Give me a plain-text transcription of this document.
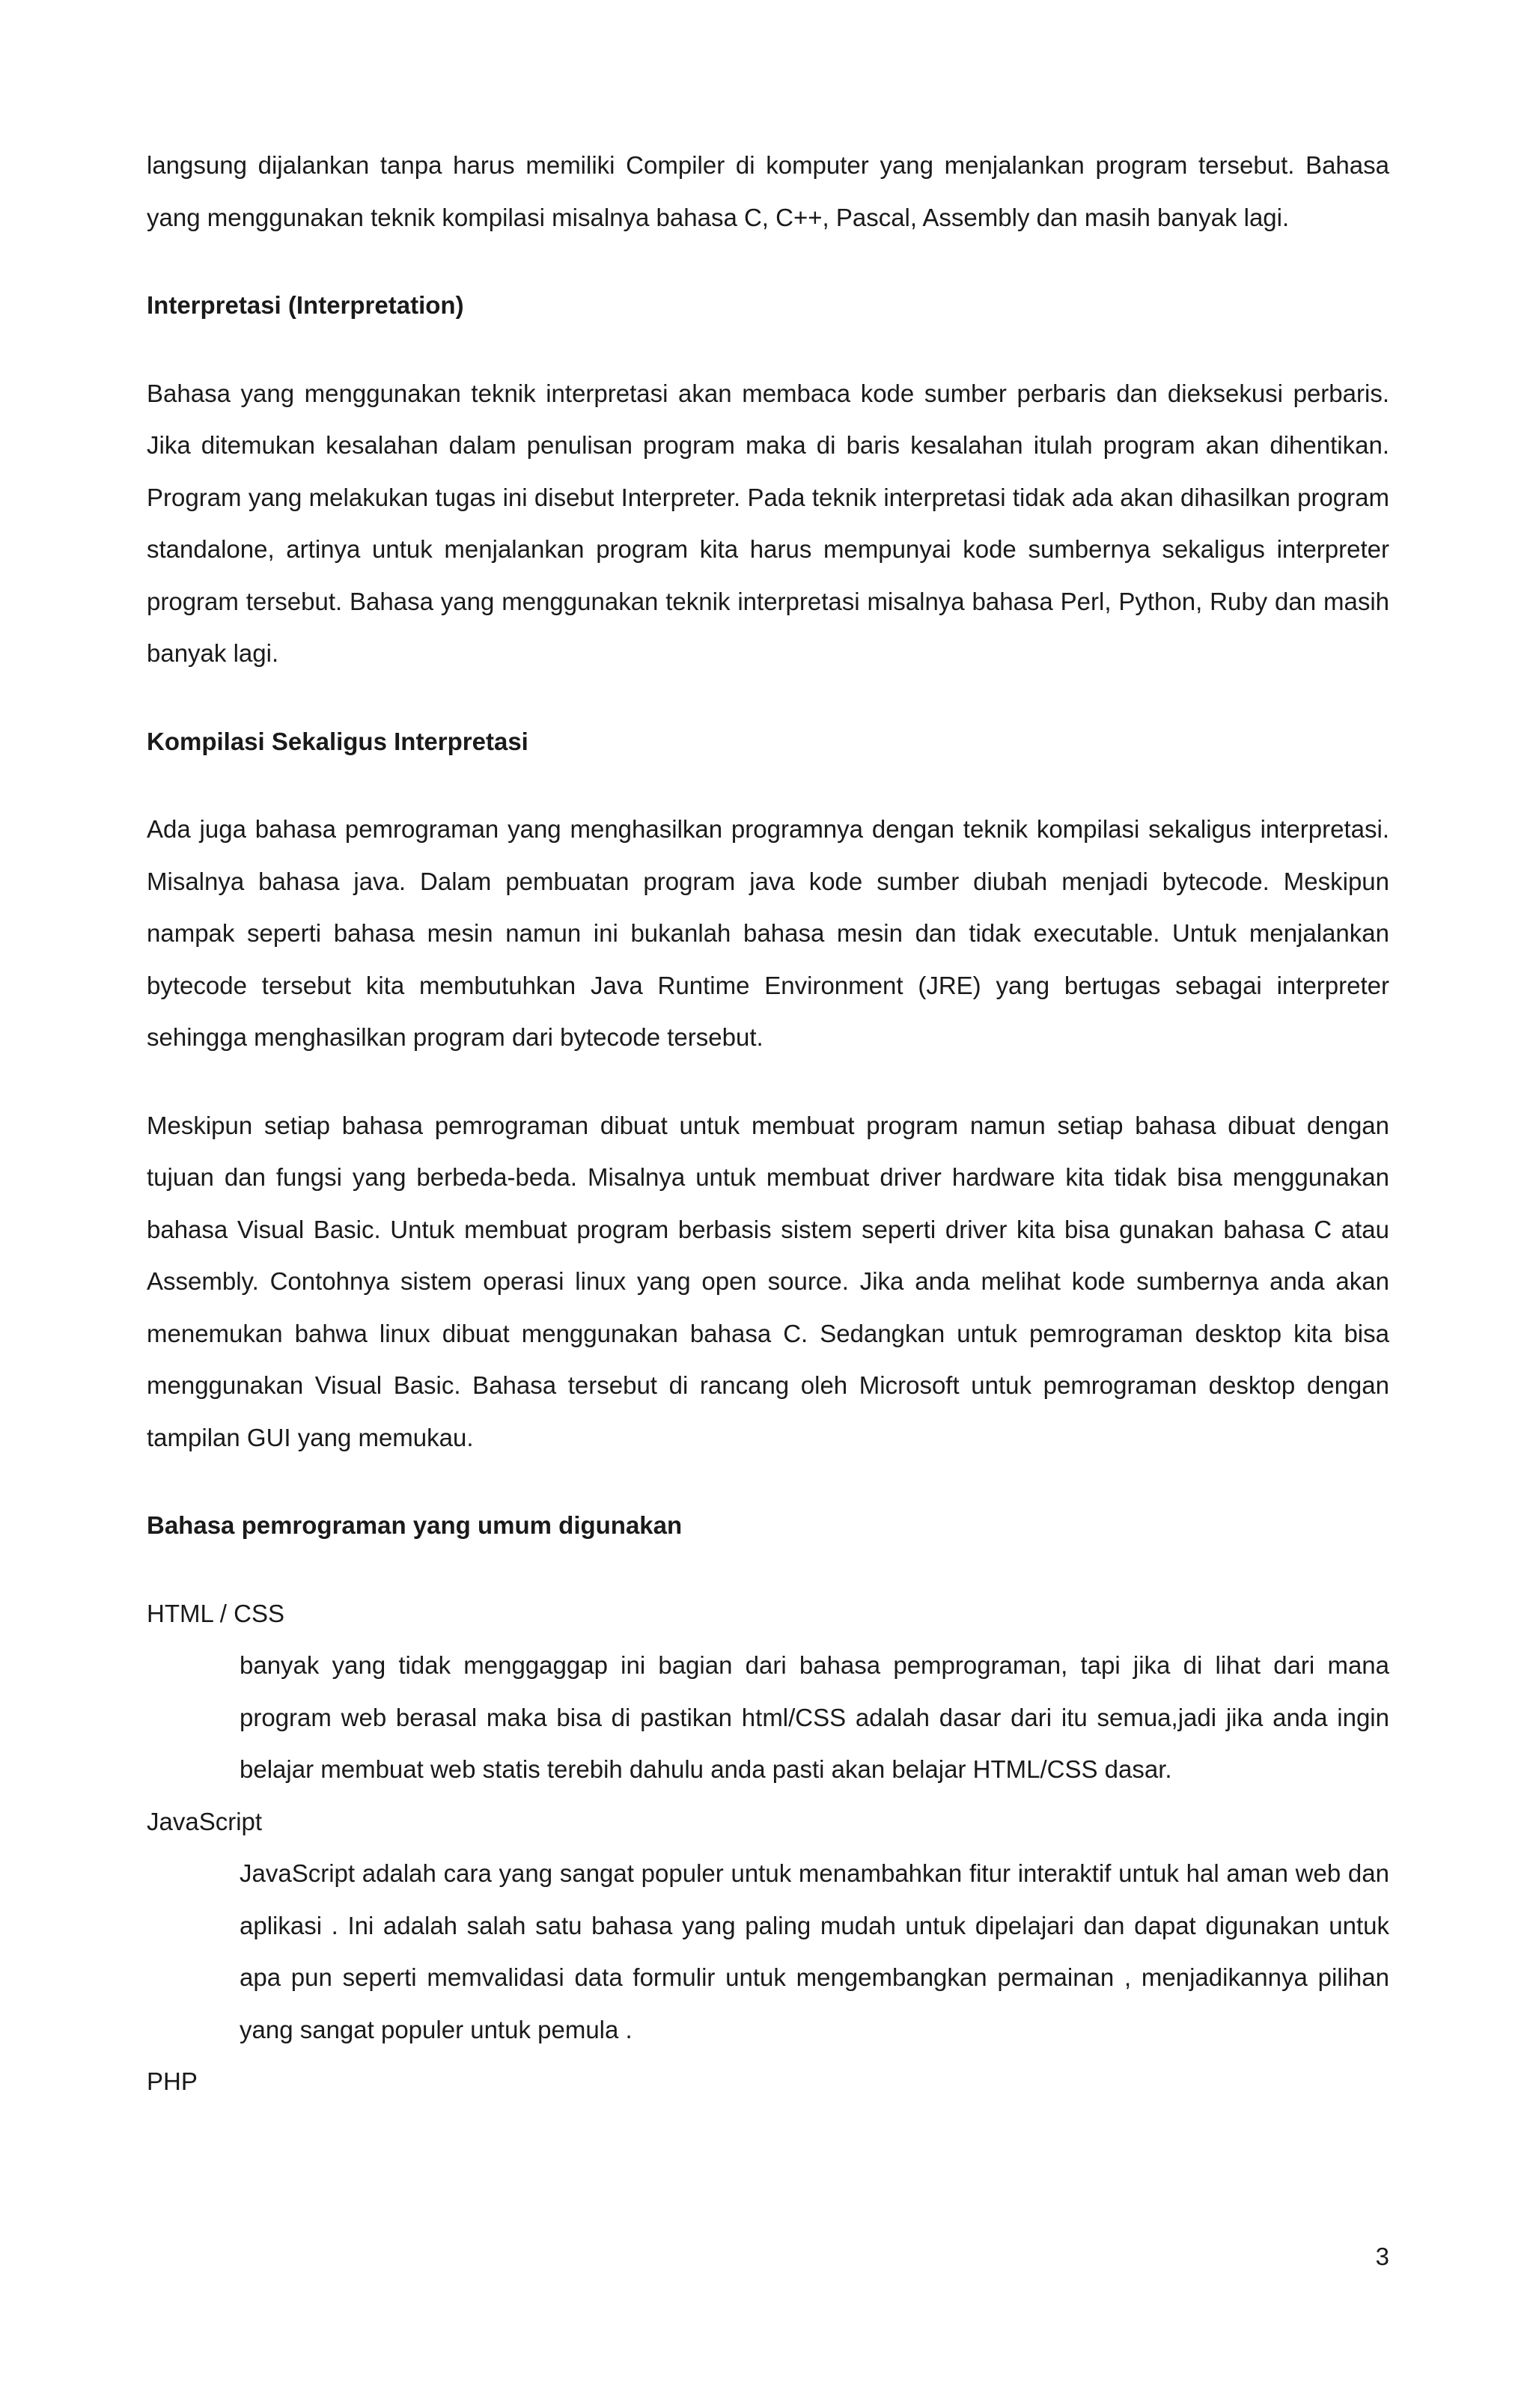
langsung dijalankan tanpa harus memiliki Compiler di komputer yang menjalankan program tersebut. Bahasa yang menggunakan teknik kompilasi misalnya bahasa C, C++, Pascal, Assembly dan masih banyak lagi.

Interpretasi (Interpretation)

Bahasa yang menggunakan teknik interpretasi akan membaca kode sumber perbaris dan dieksekusi perbaris. Jika ditemukan kesalahan dalam penulisan program maka di baris kesalahan itulah program akan dihentikan. Program yang melakukan tugas ini disebut Interpreter. Pada teknik interpretasi tidak ada akan dihasilkan program standalone, artinya untuk menjalankan program kita harus mempunyai kode sumbernya sekaligus interpreter program tersebut. Bahasa yang menggunakan teknik interpretasi misalnya bahasa Perl, Python, Ruby dan masih banyak lagi.

Kompilasi Sekaligus Interpretasi

Ada juga bahasa pemrograman yang menghasilkan programnya dengan teknik kompilasi sekaligus interpretasi. Misalnya bahasa java. Dalam pembuatan program java kode sumber diubah menjadi bytecode. Meskipun nampak seperti bahasa mesin namun ini bukanlah bahasa mesin dan tidak executable. Untuk menjalankan bytecode tersebut kita membutuhkan Java Runtime Environment (JRE) yang bertugas sebagai interpreter sehingga menghasilkan program dari bytecode tersebut.

Meskipun setiap bahasa pemrograman dibuat untuk membuat program namun setiap bahasa dibuat dengan tujuan dan fungsi yang berbeda-beda. Misalnya untuk membuat driver hardware kita tidak bisa menggunakan bahasa Visual Basic. Untuk membuat program berbasis sistem seperti driver kita bisa gunakan bahasa C atau Assembly. Contohnya sistem operasi linux yang open source. Jika anda melihat kode sumbernya anda akan menemukan bahwa linux dibuat menggunakan bahasa C. Sedangkan untuk pemrograman desktop kita bisa menggunakan Visual Basic. Bahasa tersebut di rancang oleh Microsoft untuk pemrograman desktop dengan tampilan GUI yang memukau.

Bahasa pemrograman yang umum digunakan

HTML / CSS

banyak yang tidak menggaggap ini bagian dari bahasa pemprograman, tapi jika di lihat dari mana program web berasal maka bisa di pastikan html/CSS adalah dasar dari itu semua,jadi jika anda ingin belajar membuat web statis terebih dahulu anda pasti akan belajar HTML/CSS dasar.

JavaScript

JavaScript adalah cara yang sangat populer untuk menambahkan fitur interaktif untuk hal aman web dan aplikasi . Ini adalah salah satu bahasa yang paling mudah untuk dipelajari dan dapat digunakan untuk apa pun seperti memvalidasi data formulir untuk mengembangkan permainan , menjadikannya pilihan yang sangat populer untuk pemula .

PHP

3
